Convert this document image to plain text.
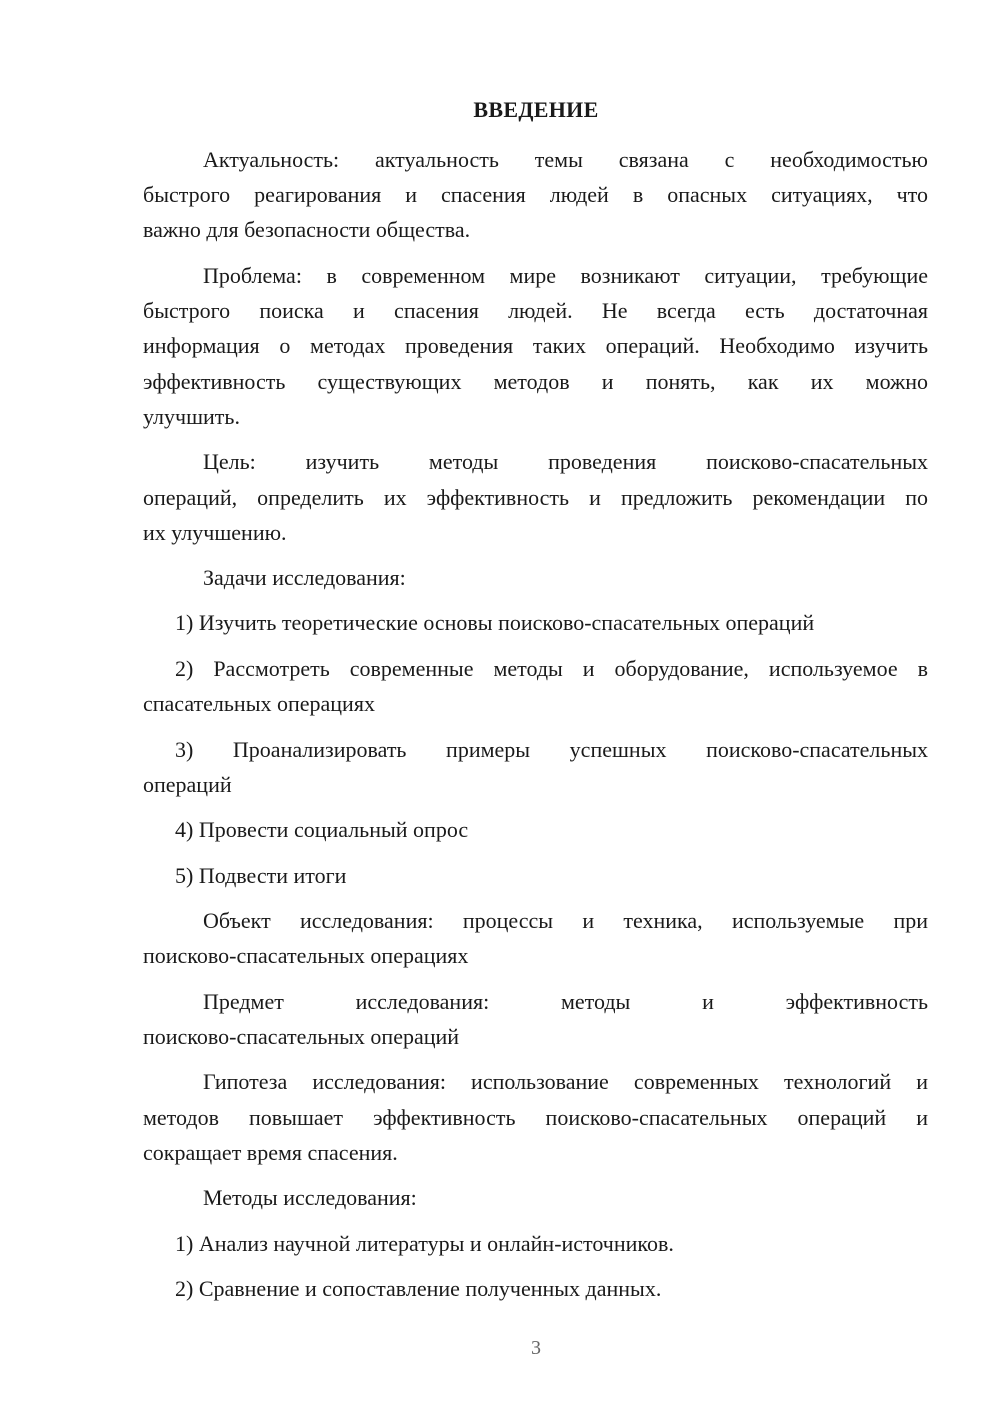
ВВЕДЕНИЕ
Актуальность: актуальность темы связана с необходимостью
быстрого реагирования и спасения людей в опасных ситуациях, что
важно для безопасности общества.
Проблема: в современном мире возникают ситуации, требующие
быстрого поиска и спасения людей. Не всегда есть достаточная
информация о методах проведения таких операций. Необходимо изучить
эффективность существующих методов и понять, как их можно
улучшить.
Цель: изучить методы проведения поисково-спасательных
операций, определить их эффективность и предложить рекомендации по
их улучшению.
Задачи исследования:
1) Изучить теоретические основы поисково-спасательных операций
2) Рассмотреть современные методы и оборудование, используемое в
спасательных операциях
3) Проанализировать примеры успешных поисково-спасательных
операций
4) Провести социальный опрос
5) Подвести итоги
Объект исследования: процессы и техника, используемые при
поисково-спасательных операциях
Предмет исследования: методы и эффективность
поисково-спасательных операций
Гипотеза исследования: использование современных технологий и
методов повышает эффективность поисково-спасательных операций и
сокращает время спасения.
Методы исследования:
1) Анализ научной литературы и онлайн-источников.
2) Сравнение и сопоставление полученных данных.
3
